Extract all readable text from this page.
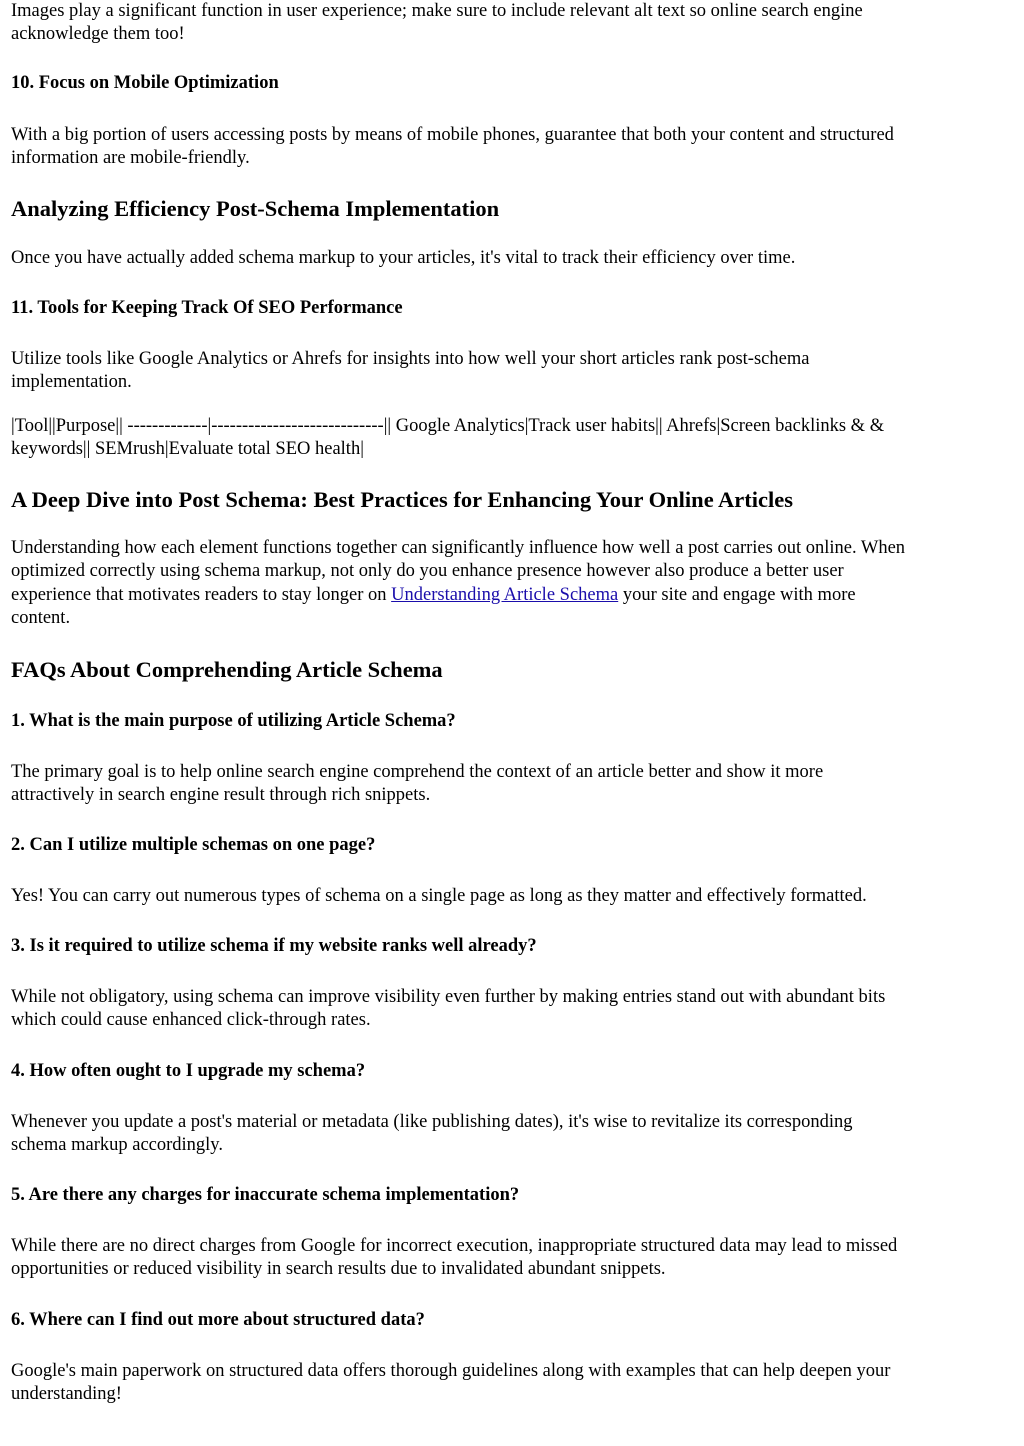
Images play a significant function in user experience; make sure to include relevant alt text so online search engine

acknowledge them too!

10. Focus on Mobile Optimization

With a big portion of users accessing posts by means of mobile phones, guarantee that both your content and structured

information are mobile-friendly.

Analyzing Efficiency Post-Schema Implementation

Once you have actually added schema markup to your articles, it's vital to track their efficiency over time.

11. Tools for Keeping Track Of SEO Performance

Utilize tools like Google Analytics or Ahrefs for insights into how well your short articles rank post-schema

implementation.

|Tool||Purpose|| -------------|----------------------------|| Google Analytics|Track user habits|| Ahrefs|Screen backlinks & &

keywords|| SEMrush|Evaluate total SEO health|

A Deep Dive into Post Schema: Best Practices for Enhancing Your Online Articles

Understanding how each element functions together can significantly influence how well a post carries out online. When

optimized correctly using schema markup, not only do you enhance presence however also produce a better user

experience that motivates readers to stay longer on Understanding Article Schema your site and engage with more

content.

FAQs About Comprehending Article Schema
1. What is the main purpose of utilizing Article Schema?

The primary goal is to help online search engine comprehend the context of an article better and show it more

attractively in search engine result through rich snippets.

2. Can I utilize multiple schemas on one page?

Yes! You can carry out numerous types of schema on a single page as long as they matter and effectively formatted.

3. Is it required to utilize schema if my website ranks well already?

While not obligatory, using schema can improve visibility even further by making entries stand out with abundant bits

which could cause enhanced click-through rates.

4. How often ought to I upgrade my schema?

Whenever you update a post's material or metadata (like publishing dates), it's wise to revitalize its corresponding

schema markup accordingly.

5. Are there any charges for inaccurate schema implementation?

While there are no direct charges from Google for incorrect execution, inappropriate structured data may lead to missed

opportunities or reduced visibility in search results due to invalidated abundant snippets.

6. Where can I find out more about structured data?

Google's main paperwork on structured data offers thorough guidelines along with examples that can help deepen your

understanding!
